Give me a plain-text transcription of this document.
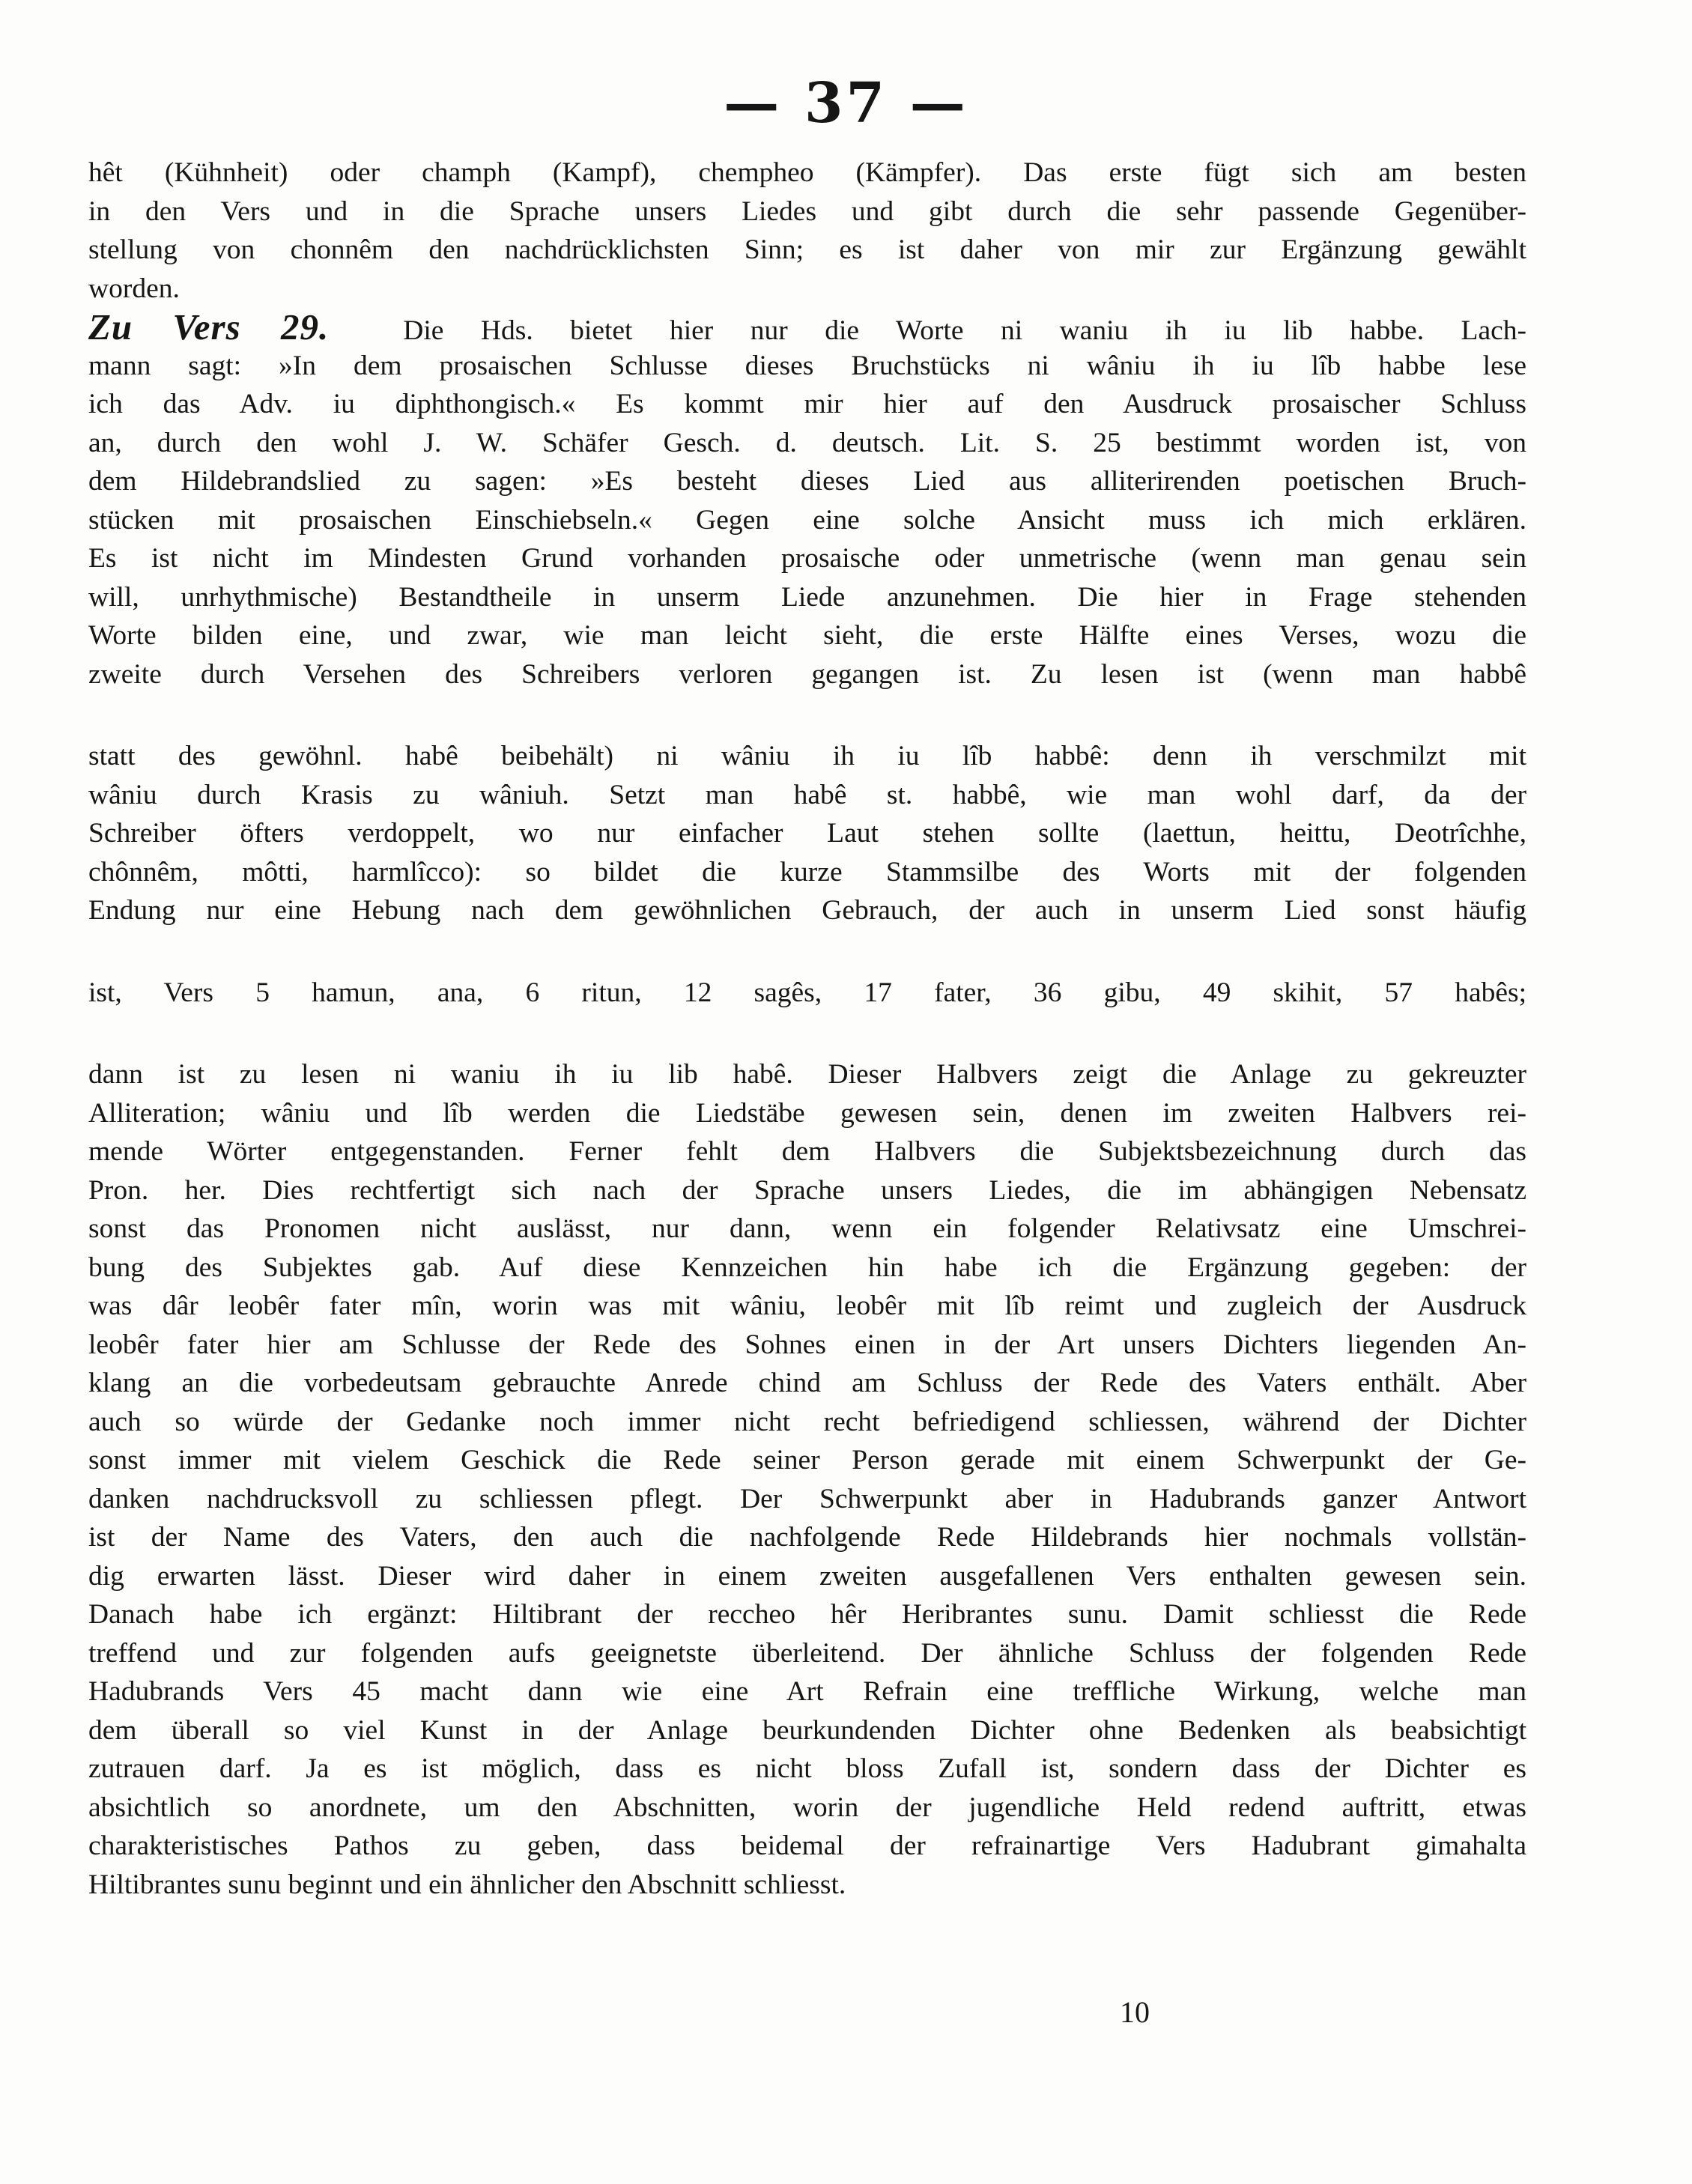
— 37 —
hêt (Kühnheit) oder champh (Kampf), chempheo (Kämpfer). Das erste fügt sich am besten
in den Vers und in die Sprache unsers Liedes und gibt durch die sehr passende Gegenüber-
stellung von chonnêm den nachdrücklichsten Sinn; es ist daher von mir zur Ergänzung gewählt
worden.
Zu Vers 29.	Die Hds. bietet hier nur die Worte ni waniu ih iu lib habbe. Lach-
mann sagt: »In dem prosaischen Schlusse dieses Bruchstücks ni wâniu ih iu lîb habbe lese
ich das Adv. iu diphthongisch.« Es kommt mir hier auf den Ausdruck prosaischer Schluss
an, durch den wohl J. W. Schäfer Gesch. d. deutsch. Lit. S. 25 bestimmt worden ist, von
dem Hildebrandslied zu sagen: »Es besteht dieses Lied aus alliterirenden poetischen Bruch-
stücken mit prosaischen Einschiebseln.« Gegen eine solche Ansicht muss ich mich erklären.
Es ist nicht im Mindesten Grund vorhanden prosaische oder unmetrische (wenn man genau sein
will, unrhythmische) Bestandtheile in unserm Liede anzunehmen. Die hier in Frage stehenden
Worte bilden eine, und zwar, wie man leicht sieht, die erste Hälfte eines Verses, wozu die
zweite durch Versehen des Schreibers verloren gegangen ist. Zu lesen ist (wenn man habbê
statt des gewöhnl. habê beibehält) ni wâniu ih iu lîb habbê: denn ih verschmilzt mit
wâniu durch Krasis zu wâniuh. Setzt man habê st. habbê, wie man wohl darf, da der
Schreiber öfters verdoppelt, wo nur einfacher Laut stehen sollte (laettun, heittu, Deotrîchhe,
chônnêm, môtti, harmlîcco): so bildet die kurze Stammsilbe des Worts mit der folgenden
Endung nur eine Hebung nach dem gewöhnlichen Gebrauch, der auch in unserm Lied sonst häufig
ist, Vers 5 hamun, ana, 6 ritun, 12 sagês, 17 fater, 36 gibu, 49 skihit, 57 habês;
dann ist zu lesen ni waniu ih iu lib habê. Dieser Halbvers zeigt die Anlage zu gekreuzter
Alliteration; wâniu und lîb werden die Liedstäbe gewesen sein, denen im zweiten Halbvers rei-
mende Wörter entgegenstanden. Ferner fehlt dem Halbvers die Subjektsbezeichnung durch das
Pron. her. Dies rechtfertigt sich nach der Sprache unsers Liedes, die im abhängigen Nebensatz
sonst das Pronomen nicht auslässt, nur dann, wenn ein folgender Relativsatz eine Umschrei-
bung des Subjektes gab. Auf diese Kennzeichen hin habe ich die Ergänzung gegeben: der
was dâr leobêr fater mîn, worin was mit wâniu, leobêr mit lîb reimt und zugleich der Ausdruck
leobêr fater hier am Schlusse der Rede des Sohnes einen in der Art unsers Dichters liegenden An-
klang an die vorbedeutsam gebrauchte Anrede chind am Schluss der Rede des Vaters enthält. Aber
auch so würde der Gedanke noch immer nicht recht befriedigend schliessen, während der Dichter
sonst immer mit vielem Geschick die Rede seiner Person gerade mit einem Schwerpunkt der Ge-
danken nachdrucksvoll zu schliessen pflegt. Der Schwerpunkt aber in Hadubrands ganzer Antwort
ist der Name des Vaters, den auch die nachfolgende Rede Hildebrands hier nochmals vollstän-
dig erwarten lässt. Dieser wird daher in einem zweiten ausgefallenen Vers enthalten gewesen sein.
Danach habe ich ergänzt: Hiltibrant der reccheo hêr Heribrantes sunu. Damit schliesst die Rede
treffend und zur folgenden aufs geeignetste überleitend. Der ähnliche Schluss der folgenden Rede
Hadubrands Vers 45 macht dann wie eine Art Refrain eine treffliche Wirkung, welche man
dem überall so viel Kunst in der Anlage beurkundenden Dichter ohne Bedenken als beabsichtigt
zutrauen darf. Ja es ist möglich, dass es nicht bloss Zufall ist, sondern dass der Dichter es
absichtlich so anordnete, um den Abschnitten, worin der jugendliche Held redend auftritt, etwas
charakteristisches Pathos zu geben, dass beidemal der refrainartige Vers Hadubrant gimahalta
Hiltibrantes sunu beginnt und ein ähnlicher den Abschnitt schliesst.
10
